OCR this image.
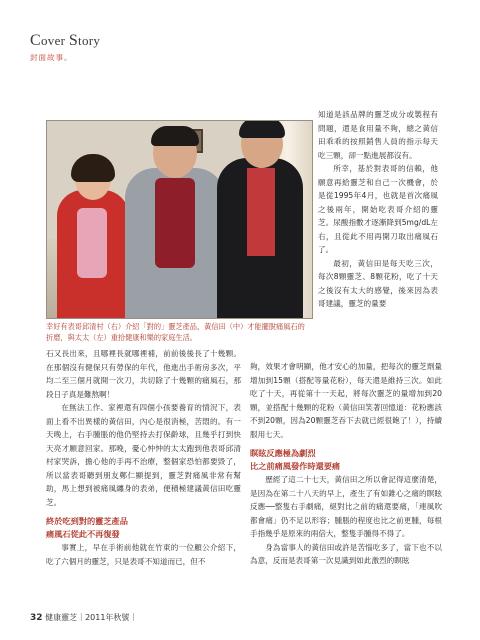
Cover Story
封面故事。
幸好有表哥邱清村（右）介紹「對的」靈芝產品，黃信田（中）才能擺脫痛風石的折磨，與太太（左）重拾健康和樂的家庭生活。

知道是該品牌的靈芝成分或製程有問題，還是食用量不夠，總之黃信田乖乖的按照銷售人員的指示每天吃三顆，卻一點進展都沒有。

所幸，基於對表哥的信賴，他願意再給靈芝和自己一次機會，於是從1995年4月，也就是首次痛風之後兩年，開始吃表哥介紹的靈芝。尿酸指數才逐漸降到5mg/dL左右，且從此不用再開刀取出痛風石了。

最初，黃信田是每天吃三次，每次8顆靈芝、8顆花粉，吃了十天之後沒有太大的感覺，後來因為表哥建議，靈芝的量要

石又長出來，且哪裡長就哪裡補，前前後後長了十幾顆。在那個沒有健保只有勞保的年代，他進出手術房多次，平均二至三個月就開一次刀，共切除了十幾顆的痛風石，那段日子真是難熬啊！

在無法工作、家裡還有四個小孩要養育的情況下，表面上看不出異樣的黃信田，內心是很消極，苦悶的。有一天晚上，右手腫脹的他仍堅持去打保齡球，且幾乎打到快天亮才願意回家。那晚，憂心忡忡的太太跑到他表哥邱清村家哭訴，擔心他的手再不治療，整個家恐怕都要毀了，所以當表哥聽到朋友鄭仁顯提到，靈芝對痛風非常有幫助，馬上想到被痛風纏身的表弟，便積極建議黃信田吃靈芝。

終於吃到對的靈芝產品

痛風石從此不再復發

事實上，早在手術前他就在竹東的一位顧公介紹下，吃了六個月的靈芝，只是表哥不知道而已，但不

夠，效果才會明顯，他才安心的加量，把每次的靈芝劑量增加到15顆（搭配等量花粉），每天還是維持三次。如此吃了十天，再從第十一天起，將每次靈芝的量增加到20顆，並搭配十幾顆的花粉（黃信田笑著回憶道：花粉應該不到20顆，因為20顆靈芝吞下去就已經很飽了！），持續服用七天。

瞑眩反應極為劇烈

比之前痛風發作時還要痛

歷經了這二十七天，黃信田之所以會記得這麼清楚，是因為在第二十八天的早上，產生了有如錐心之痛的瞑眩反應──整隻右手劇痛，絕對比之前的痛還要痛，「連風吹都會痛」仍不足以形容；腫脹的程度也比之前更腫，每根手指幾乎是原來的兩倍大，整隻手腫得不得了。

身為當事人的黃信田或許是苦惱吃多了，當下也不以為意，反而是表哥第一次見識到如此激烈的瞑眩

32 健康靈芝｜2011年秋號｜
